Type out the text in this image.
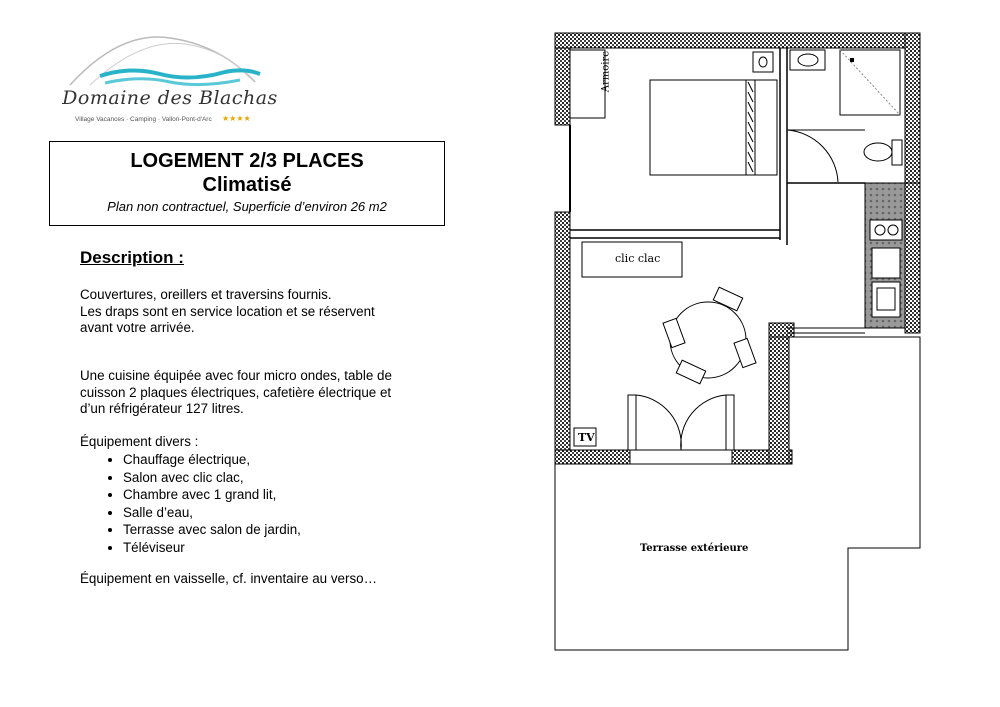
Domaine des Blachas
Village Vacances · Camping · Vallon-Pont-d'Arc ★★★★
LOGEMENT 2/3 PLACES
Climatisé
Plan non contractuel, Superficie d’environ 26 m2
Description :
Couvertures, oreillers et traversins fournis.
Les draps sont en service location et se réservent
avant votre arrivée.
Une cuisine équipée avec four micro ondes, table de
cuisson 2 plaques électriques, cafetière électrique et
d’un réfrigérateur 127 litres.
Équipement divers :
• Chauffage électrique,
• Salon avec clic clac,
• Chambre avec 1 grand lit,
• Salle d’eau,
• Terrasse avec salon de jardin,
• Téléviseur
Équipement en vaisselle, cf. inventaire au verso…
Armoire
clic clac
TV
Terrasse extérieure
